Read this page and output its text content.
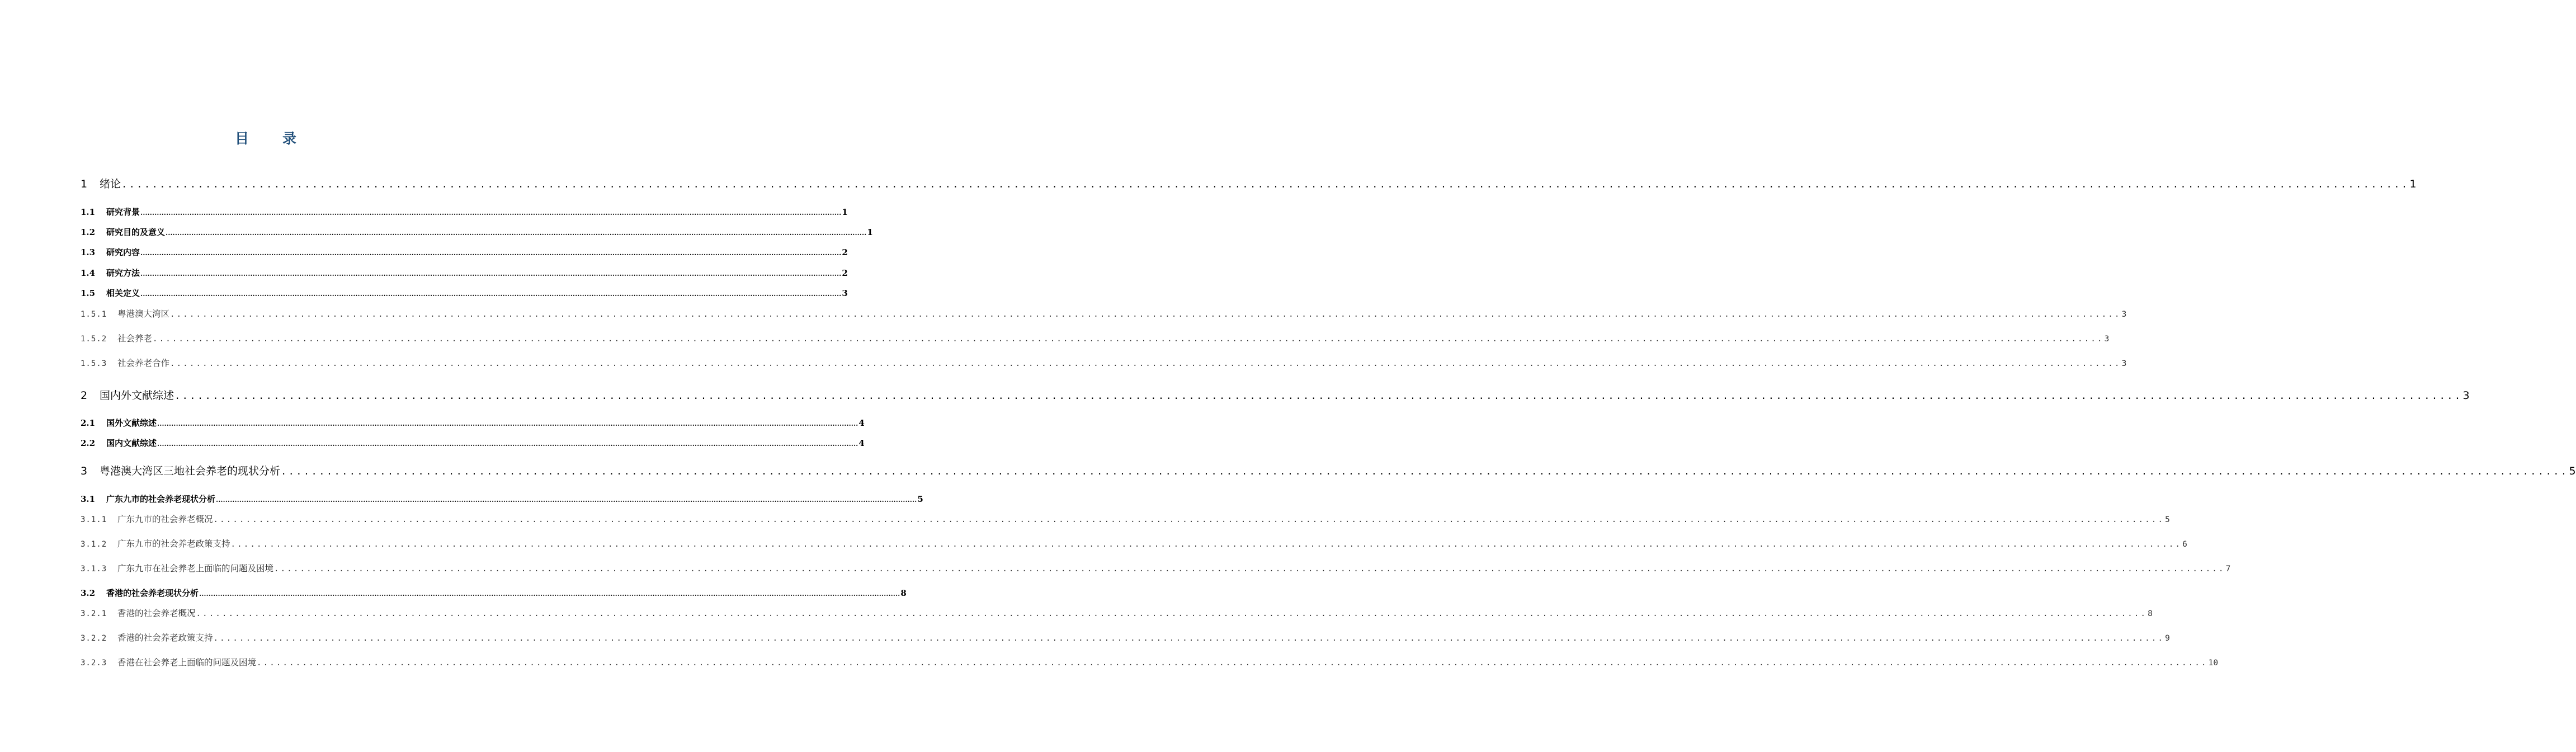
目 录
1	绪论 ............................................................................................................................................................................................................................................................................................................ 1
1.1	研究背景 ............................................................................................................................................................................................................................................................................................................ 1
1.2	研究目的及意义 ............................................................................................................................................................................................................................................................................................................ 1
1.3	研究内容 ............................................................................................................................................................................................................................................................................................................ 2
1.4	研究方法 ............................................................................................................................................................................................................................................................................................................ 2
1.5	相关定义 ............................................................................................................................................................................................................................................................................................................ 3
1.5.1	粤港澳大湾区 ............................................................................................................................................................................................................................................................................................................ 3
1.5.2	社会养老 ............................................................................................................................................................................................................................................................................................................ 3
1.5.3	社会养老合作 ............................................................................................................................................................................................................................................................................................................ 3
2	国内外文献综述 ............................................................................................................................................................................................................................................................................................................ 3
2.1	国外文献综述 ............................................................................................................................................................................................................................................................................................................ 4
2.2	国内文献综述 ............................................................................................................................................................................................................................................................................................................ 4
3	粤港澳大湾区三地社会养老的现状分析 ............................................................................................................................................................................................................................................................................................................ 5
3.1	广东九市的社会养老现状分析 ............................................................................................................................................................................................................................................................................................................ 5
3.1.1	广东九市的社会养老概况 ............................................................................................................................................................................................................................................................................................................ 5
3.1.2	广东九市的社会养老政策支持 ............................................................................................................................................................................................................................................................................................................ 6
3.1.3	广东九市在社会养老上面临的问题及困境 ............................................................................................................................................................................................................................................................................................................ 7
3.2	香港的社会养老现状分析 ............................................................................................................................................................................................................................................................................................................ 8
3.2.1	香港的社会养老概况 ............................................................................................................................................................................................................................................................................................................ 8
3.2.2	香港的社会养老政策支持 ............................................................................................................................................................................................................................................................................................................ 9
3.2.3	香港在社会养老上面临的问题及困境 ............................................................................................................................................................................................................................................................................................................ 10
